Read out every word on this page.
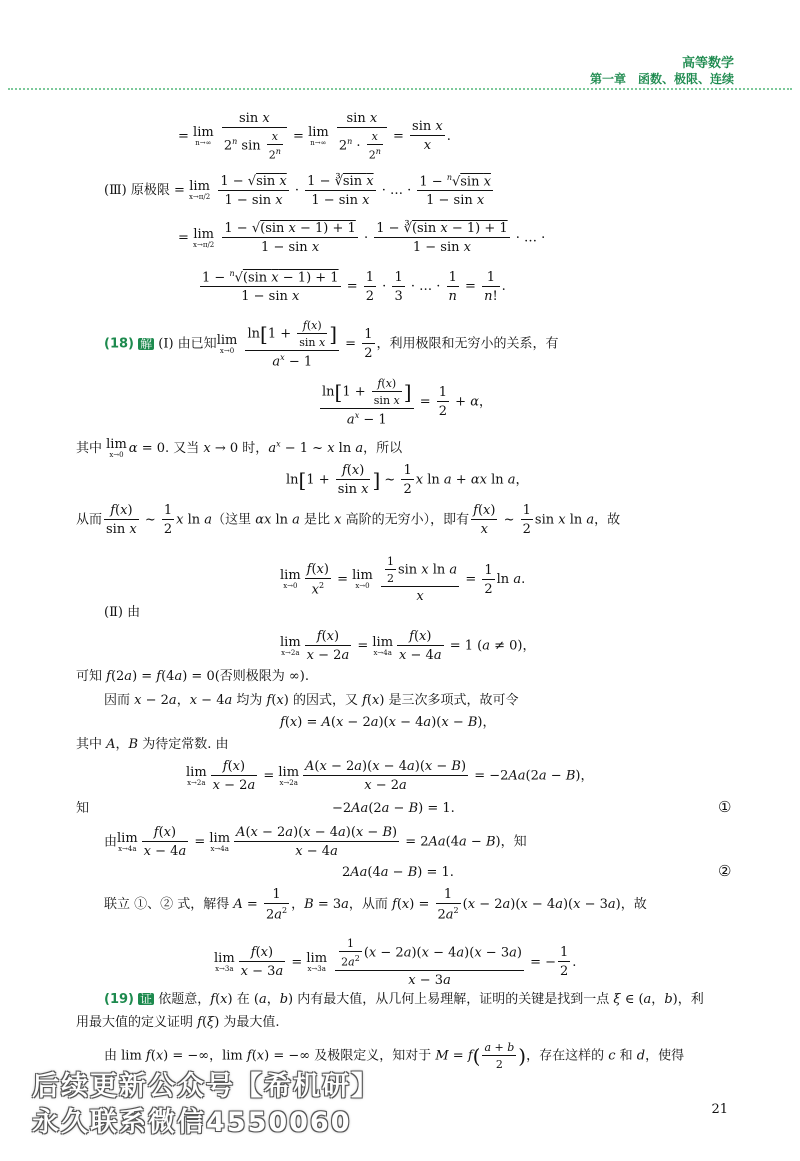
高等数学
第一章　函数、极限、连续
= lim
n→∞
$\frac{\text{sin x}}{2^n \sin \frac{x}{2^n}} = \lim$
n→∞
$\frac{\text{sin x}}{2^n \cdot \frac{x}{2^n}} = \frac{\text{sin x}}{x}$ .
(Ⅲ) 原极限 = lim
x→π/2
$\frac{\text{1 − √sin x}}{\text{1 − sin x}} \cdot \frac{\text{1 − ∛sin x}}{\text{1 − sin x}}$ · … · $\frac{1 - ^n√\sin x}{\text{1 − sin x}}$
= lim
x→π/2
$\frac{\text{1 − √(sin x − 1) + 1}}{\text{1 − sin x}} \cdot \frac{\text{1 − ∛(sin x − 1) + 1}}{\text{1 − sin x}}$ · … ·
$\frac{1 - ^n√(\sin x - 1) + 1}{\text{1 − sin x}} = \frac{1}{2} \cdot \frac{1}{3}$ · … · $\frac{1}{n} = \frac{1}{n!}$ .
(18) 解 (Ⅰ) 由已知 lim
x→0
$\frac{\ln[1 + \frac{f(x)}{\text{sin x}} ]}{a^x - 1} = \frac{1}{2}$ ，利用极限和无穷小的关系，有
$\frac{\ln[1 + \frac{f(x)}{\text{sin x}} ]}{a^x - 1} = \frac{1}{2} + \alpha$，
其中 lim
x→0 α = 0. 又当 x → 0 时，$a^x - 1$ ~ x ln a，所以
$\ln[1 + \frac{f(x)}{\text{sin x}}$ ] ~ $\frac{1}{2}$ x ln a + αx ln a，
从而 $\frac{f(x)}{\text{sin x}}$ ~ $\frac{1}{2}$ x ln a（这里 αx ln a 是比 x 高阶的无穷小），即有 $\frac{f(x)}{x}$ ~ $\frac{1}{2}$ sin x ln a，故
lim
$x\to 0 \frac{f(x)}{x^2} = \lim$
x→0
$\frac{\frac{1}{2} \sin x \ln a}{x} = \frac{1}{2}$ ln a.
(Ⅱ) 由
lim
$x\to 2a \frac{f(x)}{x - 2a} = \lim$
$x\to 4a \frac{f(x)}{x - 4a} = 1$ (a ≠ 0)，
可知 f(2a) = f(4a) = 0(否则极限为 ∞).
因而 x − 2a，x − 4a 均为 f(x) 的因式，又 f(x) 是三次多项式，故可令
f(x) = A(x − 2a)(x − 4a)(x − B)，
其中 A，B 为待定常数. 由
lim
$x\to 2a \frac{f(x)}{x - 2a} = \lim$
$x\to 2a \frac{A(x - 2a)(x - 4a)(x - B)}{x - 2a} = -2Aa(2a - B)$，
知	−2Aa(2a − B) = 1.	①
由 lim
$x\to 4a \frac{f(x)}{x - 4a} = \lim$
$x\to 4a \frac{A(x - 2a)(x - 4a)(x - B)}{x - 4a} = 2Aa(4a - B)$，知
2Aa(4a − B) = 1.	②
联立 ①、② 式，解得 $A = \frac{1}{2a^2}$ ，B = 3a，从而 $f(x) = \frac{1}{2a^2} (x - 2a)(x - 4a)(x - 3a)$，故
lim
$x\to 3a \frac{f(x)}{x - 3a} = \lim$
x→3a
$\frac{\frac{1}{2a^2} (x - 2a)(x - 4a)(x - 3a)}{x - 3a}$ = − $\frac{1}{2}$ .
(19) 证 依题意，f(x) 在 (a，b) 内有最大值，从几何上易理解，证明的关键是找到一点 ξ ∈ (a，b)，利
用最大值的定义证明 f(ξ) 为最大值.
由 lim f(x) = −∞，lim f(x) = −∞ 及极限定义，知对于 $M = f( \frac{a + b}{2}$ )，存在这样的 c 和 d，使得
后续更新公众号【希机研】
永久联系微信4550060	21
